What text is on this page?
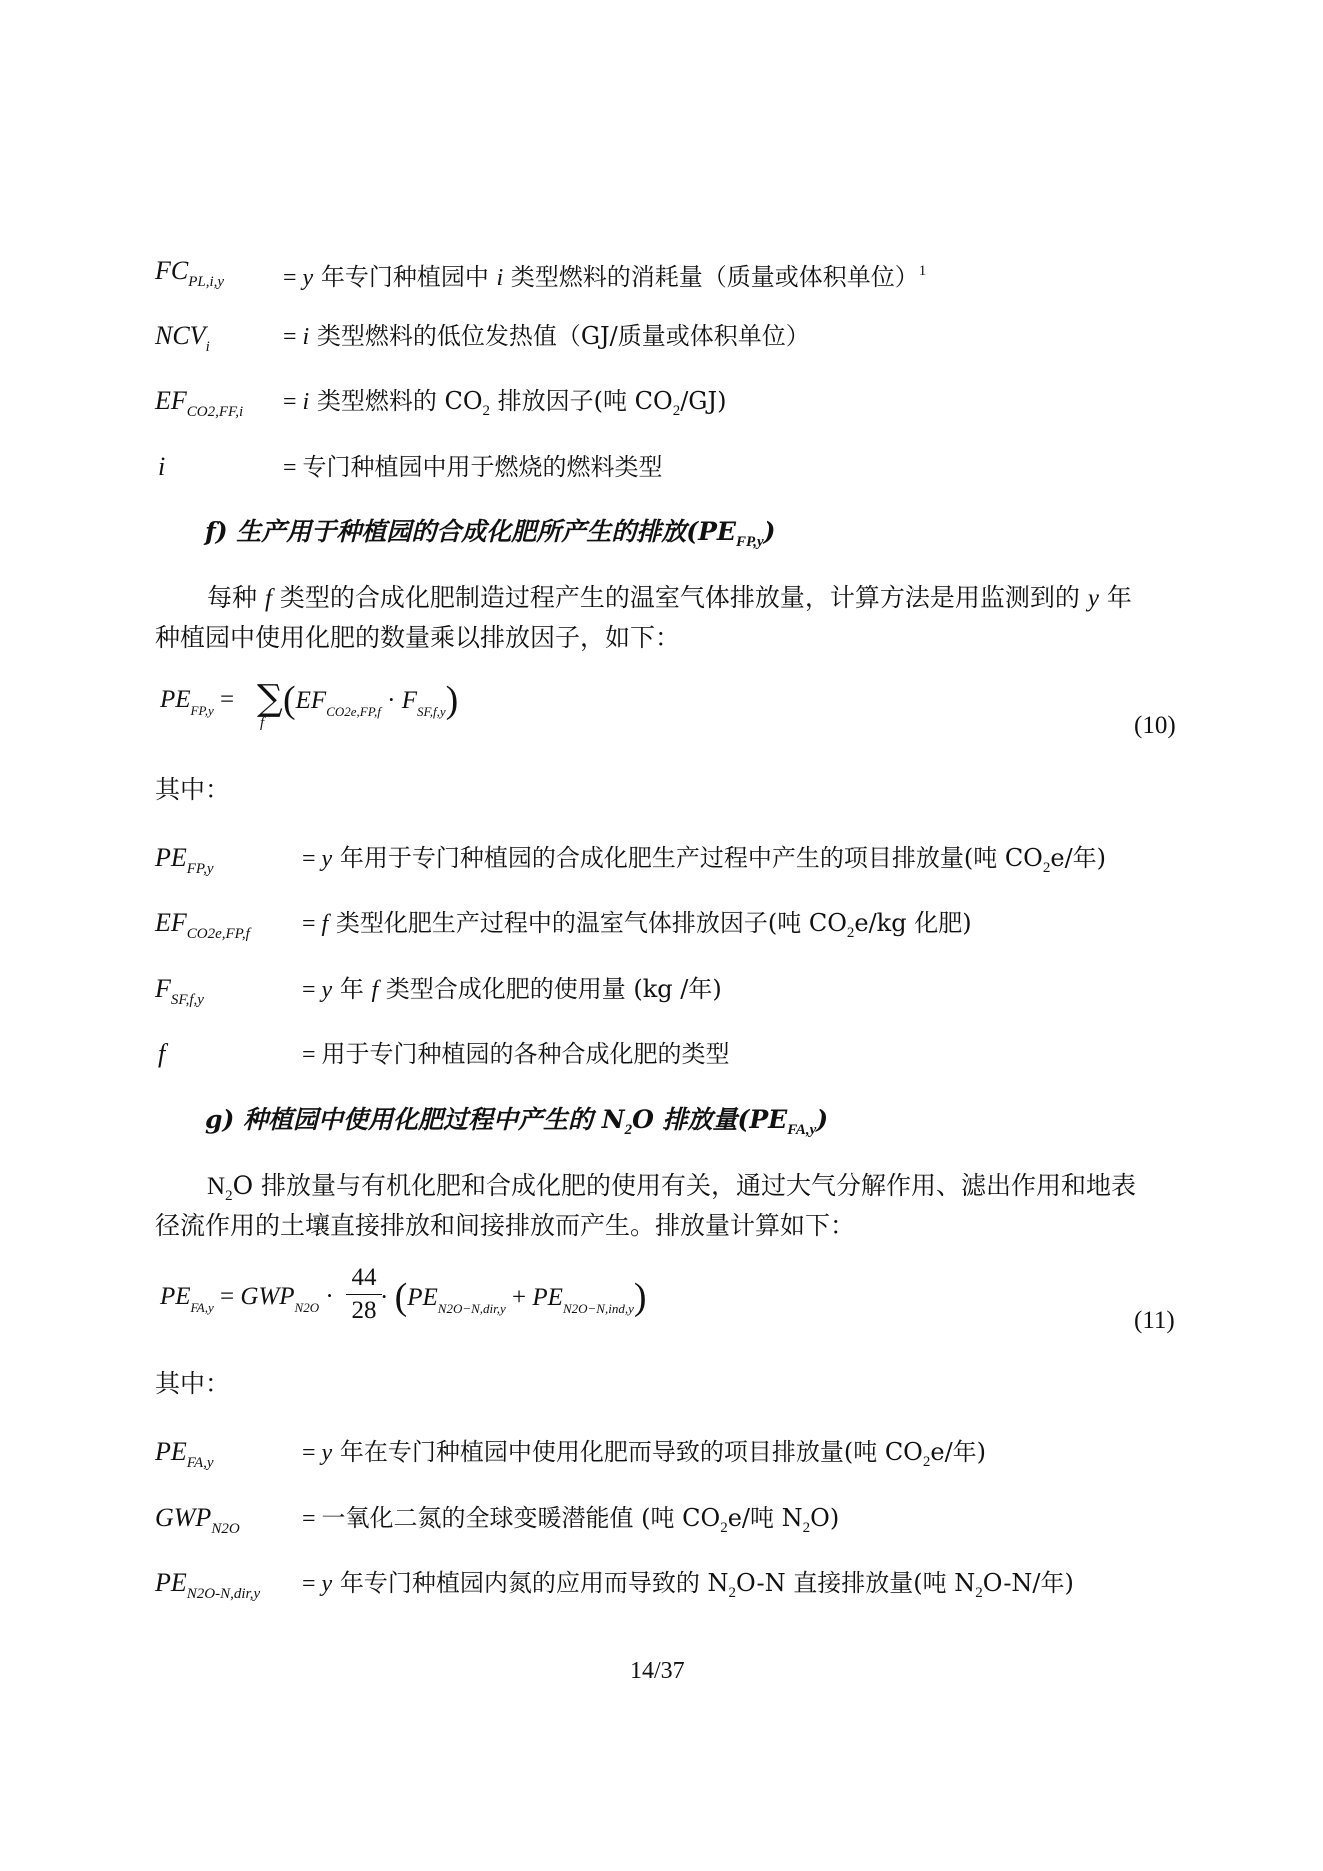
$FC_{PL,i,y} = y$ 年专门种植园中 i 类型燃料的消耗量（质量或体积单位）$^1$
$NCV_i$	= i 类型燃料的低位发热值（GJ/质量或体积单位）
$EF_{CO2,FF,i} = i$ 类型燃料的 $CO_2$ 排放因子(吨 $CO_2/GJ$)
i	= 专门种植园中用于燃烧的燃料类型
f) 生产用于种植园的合成化肥所产生的排放$(PE_{FP,y})$
每种 f 类型的合成化肥制造过程产生的温室气体排放量，计算方法是用监测到的 y 年
种植园中使用化肥的数量乘以排放因子，如下：
$PE_{FP,y}$ = ∑
f
$(EF_{CO2e,FP,f} \cdot F_{SF,f,y})$
(10)
其中：
$PE_{FP,y}$	= y 年用于专门种植园的合成化肥生产过程中产生的项目排放量(吨 $CO_2e/$年)
$EF_{CO2e,FP,f} = f$ 类型化肥生产过程中的温室气体排放因子(吨 $CO_2e/kg$ 化肥)
$F_{SF,f,y}$	= y 年 f 类型合成化肥的使用量 (kg /年)
f	= 用于专门种植园的各种合成化肥的类型
g) 种植园中使用化肥过程中产生的 $N_2O$ 排放量$(PE_{FA,y})$
$N_2O$ 排放量与有机化肥和合成化肥的使用有关，通过大气分解作用、滤出作用和地表
径流作用的土壤直接排放和间接排放而产生。排放量计算如下：
$PE_{FA,y} = GWP_{N2O} \cdot \frac{44}{28}$
· $(PE_{N2O-N,dir,y} + PE_{N2O-N,ind,y})$
(11)
其中：
$PE_{FA,y}$	= y 年在专门种植园中使用化肥而导致的项目排放量(吨 $CO_2e/$年)
$GWP_{N2O}$	= 一氧化二氮的全球变暖潜能值 (吨 $CO_2e/$吨 $N_2O$)
$PE_{N2O-N,dir,y} = y$ 年专门种植园内氮的应用而导致的 $N_2O-N$ 直接排放量(吨 $N_2O-N/$年)
14/37
